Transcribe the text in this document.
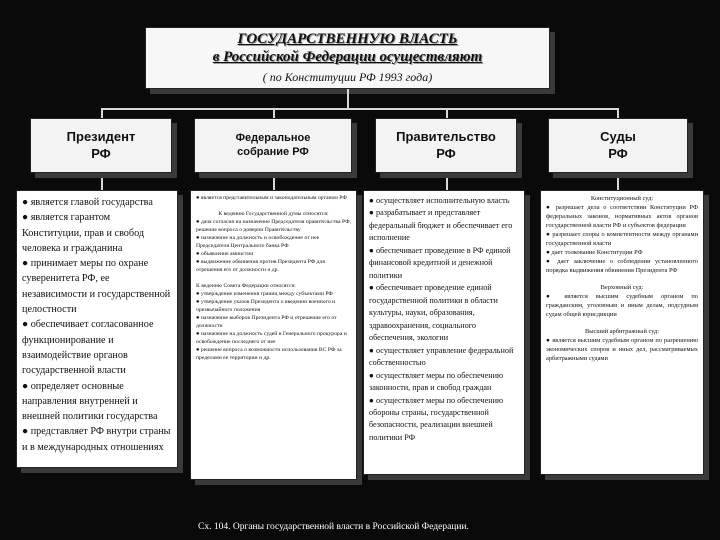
ГОСУДАРСТВЕННУЮ ВЛАСТЬ
в Российской Федерации осуществляют
( по Конституции РФ 1993 года)
Президент
РФ
Федеральное
собрание РФ
Правительство
РФ
Суды
РФ

● является главой государства

● является гарантом Конституции, прав и свобод человека и гражданина

● принимает меры по охране суверенитета РФ, ее независимости и государственной целостности

● обеспечивает согласованное функционирование и взаимодействие органов государственной власти

● определяет основные направления внутренней и внешней политики государства

● представляет РФ внутри страны и в международных отношениях

● является представительным и законодательным органом РФ

К ведению Государственной думы относятся:

● дача согласия на назначение Председателя правительства РФ, решение вопроса о доверии Правительству

● назначение на должность и освобождение от нее Председателя Центрального банка РФ

● объявление амнистии

● выдвижение обвинения против Президента РФ для отрешения его от должности и др.

К ведению Совета Федерации относятся:

● утверждение изменения границ между субъектами РФ

● утверждение указов Президента о введении военного и чрезвычайного положения

● назначение выборов Президента РФ и отрешение его от должности

● назначение на должность судей в Генерального прокурора и освобождение последнего от нее

● решение вопроса о возможности использования ВС РФ за пределами ее территории и др.

● осуществляет исполнительную власть

● разрабатывает и представляет федеральный бюджет и обеспечивает его исполнение

● обеспечивает проведение в РФ единой финансовой кредитной и денежной политики

● обеспечивает проведение единой государственной политики в области культуры, науки, образования, здравоохранения, социального обеспечения, экологии

● осуществляет управление федеральной собственностью

● осуществляет меры по обеспечению законности, прав и свобод граждан

● осуществляет меры по обеспечению обороны страны, государственной безопасности, реализации внешней политики РФ

Конституционный суд:

● разрешает дела о соответствии Конституции РФ федеральных законов, нормативных актов органов государственной власти РФ и субъектов федерации

● разрешает споры о компетентности между органами государственной власти

● дает толкование Конституции РФ

● дает заключение о соблюдении установленного порядка выдвижения обвинения Президента РФ

Верховный суд:

● является высшим судебным органом по гражданским, уголовным и иным делам, подсудным судам общей юрисдикции

Высший арбитражный суд:

● является высшим судебным органом по разрешению экономических споров и иных дел, рассматриваемых арбитражными судами

Сх. 104. Органы государственной власти в Российской Федерации.
